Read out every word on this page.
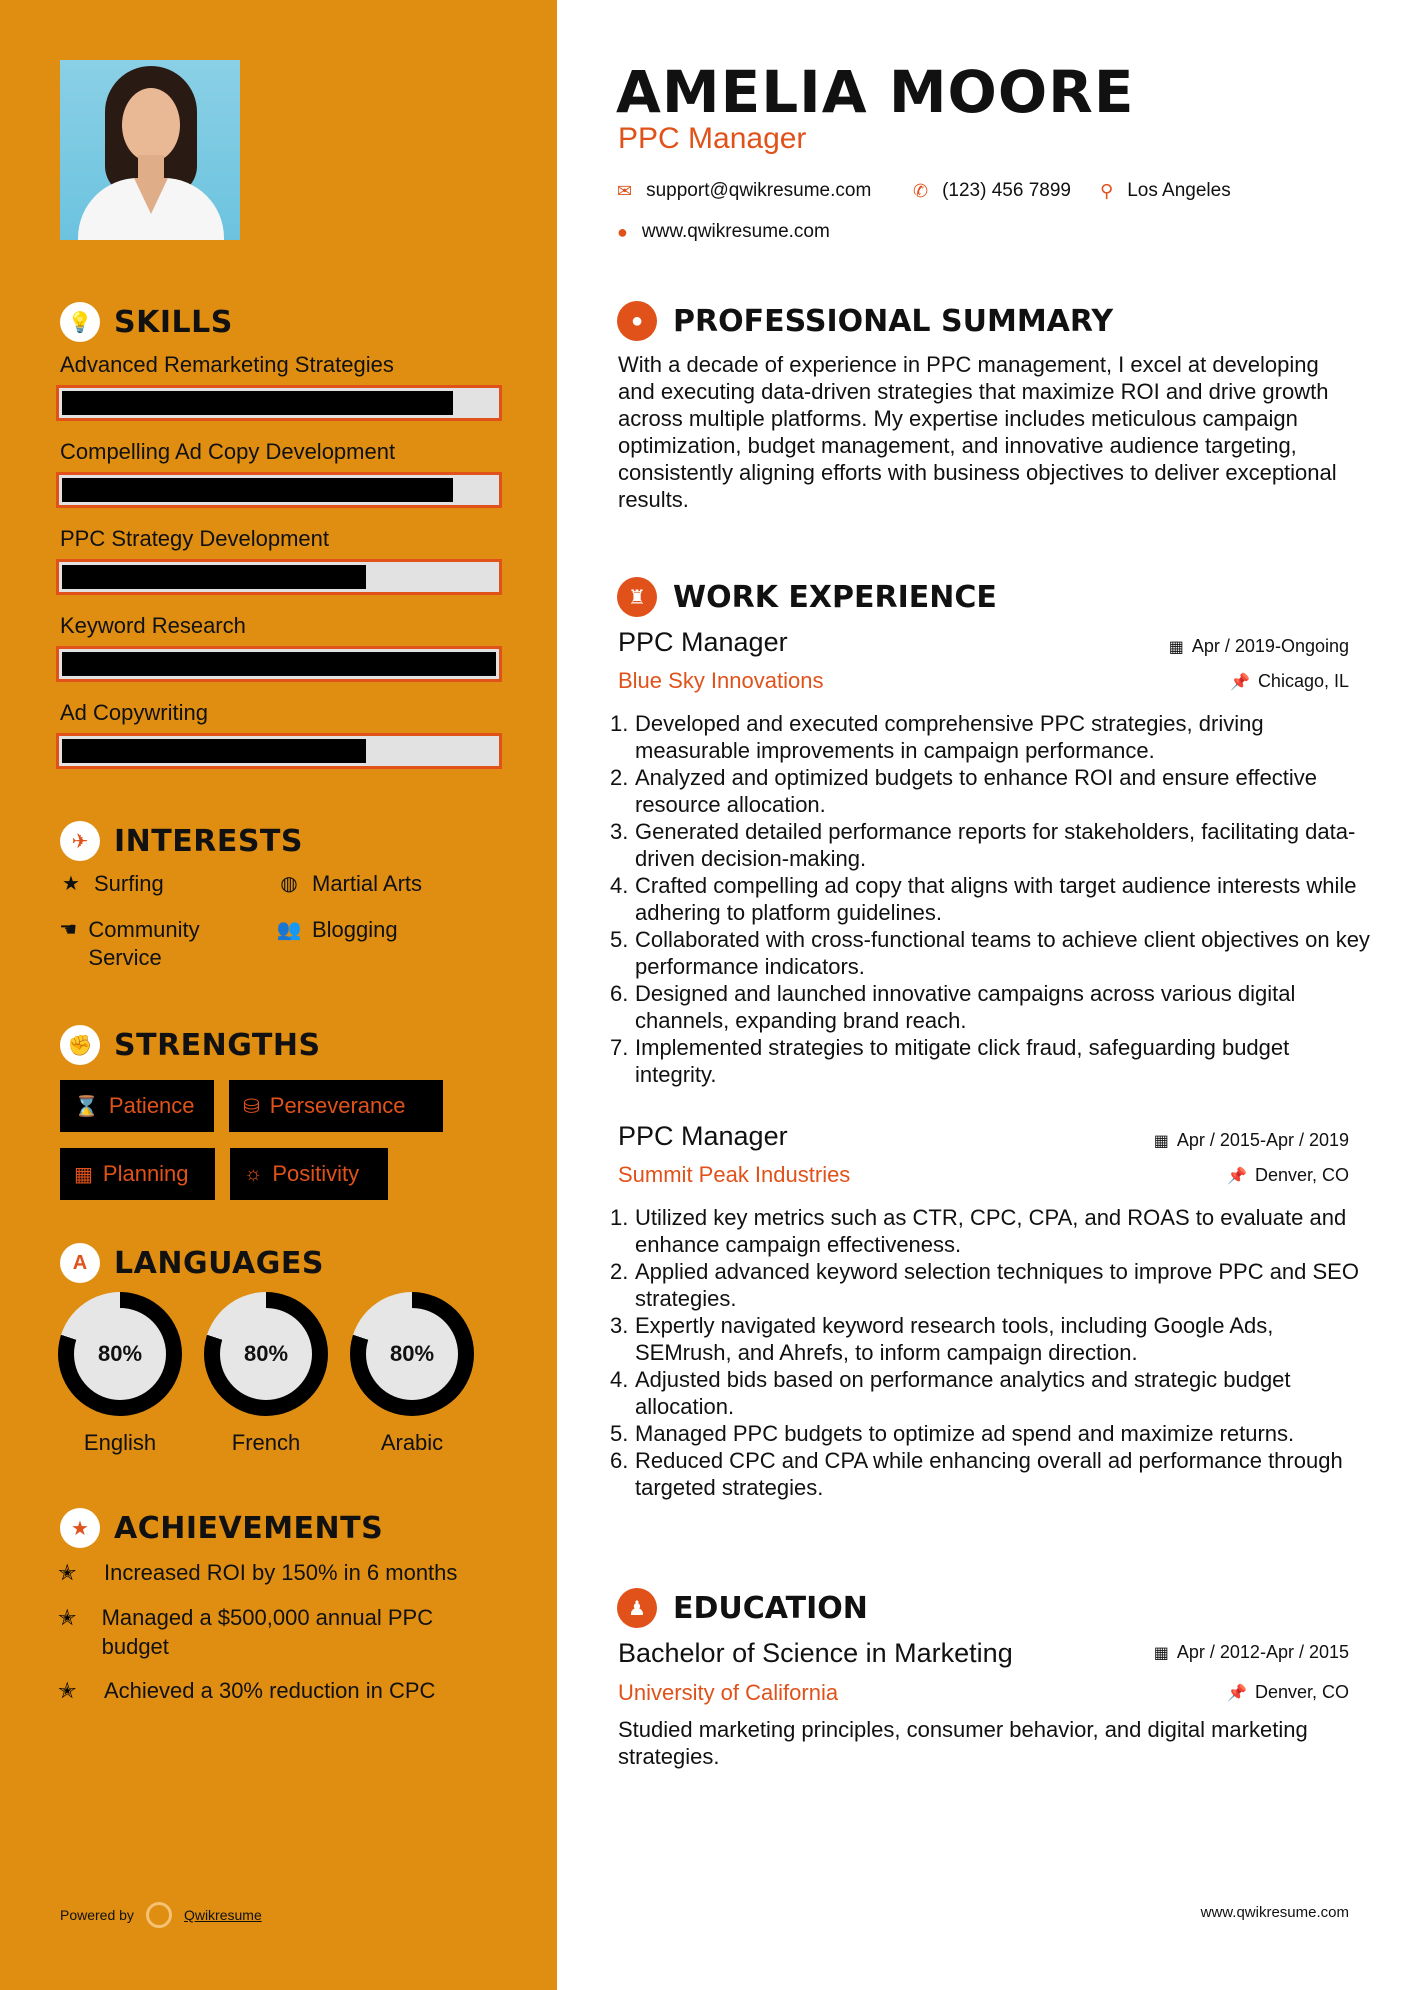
💡 SKILLS
Advanced Remarketing Strategies
Compelling Ad Copy Development
PPC Strategy Development
Keyword Research
Ad Copywriting
✈ INTERESTS
★ Surfing	◍ Martial Arts
☚ Community Service
👥 Blogging
✊ STRENGTHS
⌛ Patience ⛁ Perseverance
▦ Planning	☼ Positivity
A LANGUAGES
80%
English
80%
French
80%
Arabic
★ ACHIEVEMENTS
✭	Increased ROI by 150% in 6 months
✭	Managed a $500,000 annual PPC budget
✭	Achieved a 30% reduction in CPC
Powered by	Qwikresume
AMELIA MOORE
PPC Manager
✉ support@qwikresume.com ✆ (123) 456 7899 ⚲ Los Angeles
● www.qwikresume.com
● PROFESSIONAL SUMMARY
With a decade of experience in PPC management, I excel at developing and executing data-driven strategies that maximize ROI and drive growth across multiple platforms. My expertise includes meticulous campaign optimization, budget management, and innovative audience targeting, consistently aligning efforts with business objectives to deliver exceptional results.
♜ WORK EXPERIENCE
PPC Manager	▦ Apr / 2019-Ongoing
Blue Sky Innovations	📌 Chicago, IL
1. Developed and executed comprehensive PPC strategies, driving measurable improvements in campaign performance.
2. Analyzed and optimized budgets to enhance ROI and ensure effective resource allocation.
3. Generated detailed performance reports for stakeholders, facilitating data-driven decision-making.
4. Crafted compelling ad copy that aligns with target audience interests while adhering to platform guidelines.
5. Collaborated with cross-functional teams to achieve client objectives on key performance indicators.
6. Designed and launched innovative campaigns across various digital channels, expanding brand reach.
7. Implemented strategies to mitigate click fraud, safeguarding budget integrity.
PPC Manager	▦ Apr / 2015-Apr / 2019
Summit Peak Industries	📌 Denver, CO
1. Utilized key metrics such as CTR, CPC, CPA, and ROAS to evaluate and enhance campaign effectiveness.
2. Applied advanced keyword selection techniques to improve PPC and SEO strategies.
3. Expertly navigated keyword research tools, including Google Ads, SEMrush, and Ahrefs, to inform campaign direction.
4. Adjusted bids based on performance analytics and strategic budget allocation.
5. Managed PPC budgets to optimize ad spend and maximize returns.
6. Reduced CPC and CPA while enhancing overall ad performance through targeted strategies.
♟ EDUCATION
Bachelor of Science in Marketing	▦ Apr / 2012-Apr / 2015
University of California	📌 Denver, CO
Studied marketing principles, consumer behavior, and digital marketing strategies.
www.qwikresume.com
